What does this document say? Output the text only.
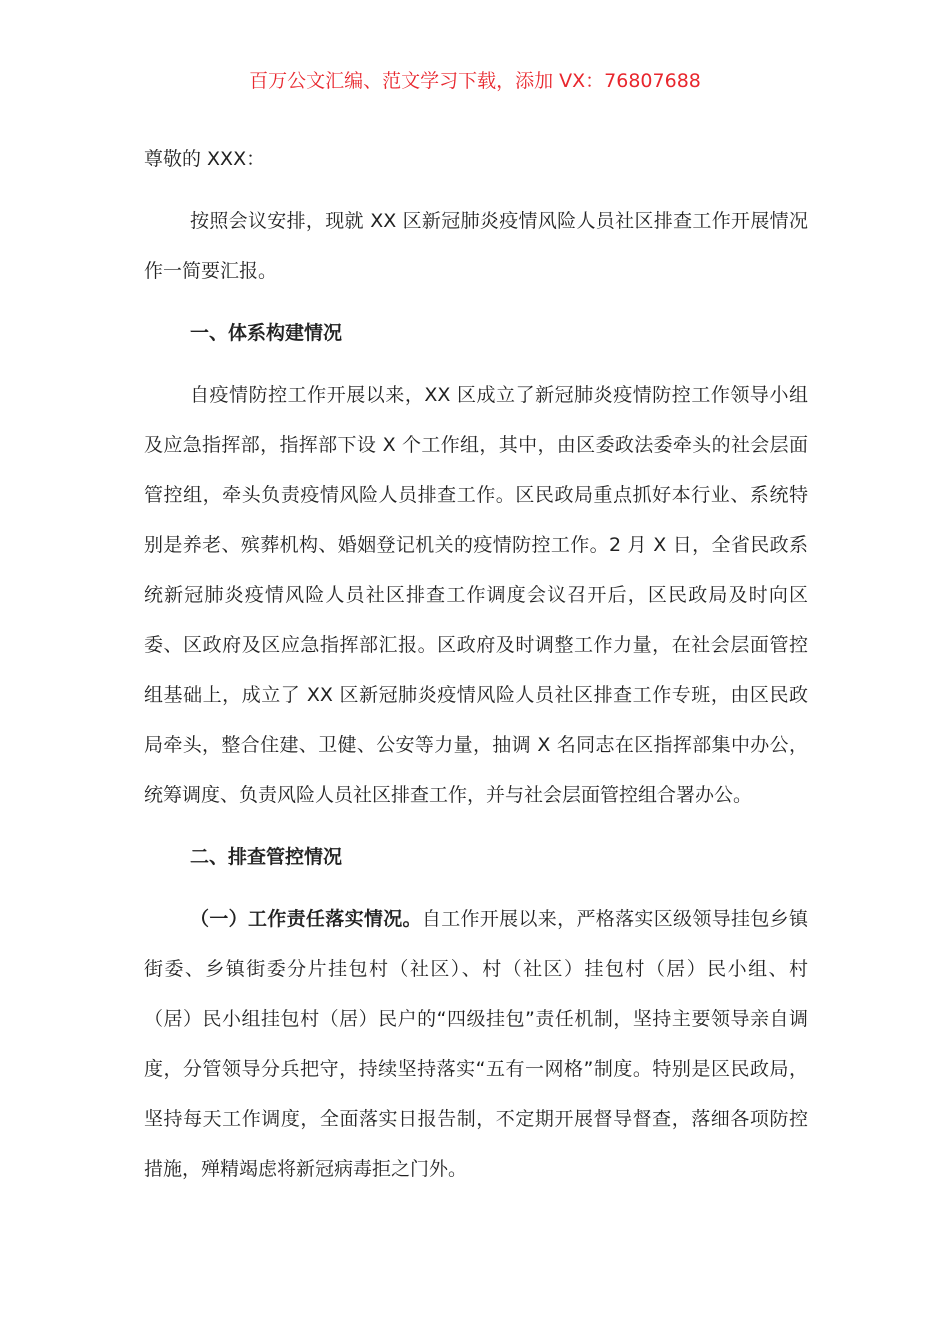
百万公文汇编、范文学习下载，添加 VX：76807688

尊敬的 XXX：

按照会议安排，现就 XX 区新冠肺炎疫情风险人员社区排查工作开展情况作一简要汇报。

一、体系构建情况

自疫情防控工作开展以来，XX 区成立了新冠肺炎疫情防控工作领导小组及应急指挥部，指挥部下设 X 个工作组，其中，由区委政法委牵头的社会层面管控组，牵头负责疫情风险人员排查工作。区民政局重点抓好本行业、系统特别是养老、殡葬机构、婚姻登记机关的疫情防控工作。2 月 X 日，全省民政系统新冠肺炎疫情风险人员社区排查工作调度会议召开后，区民政局及时向区委、区政府及区应急指挥部汇报。区政府及时调整工作力量，在社会层面管控组基础上，成立了 XX 区新冠肺炎疫情风险人员社区排查工作专班，由区民政局牵头，整合住建、卫健、公安等力量，抽调 X 名同志在区指挥部集中办公，统筹调度、负责风险人员社区排查工作，并与社会层面管控组合署办公。

二、排查管控情况

（一）工作责任落实情况。自工作开展以来，严格落实区级领导挂包乡镇街委、乡镇街委分片挂包村（社区）、村（社区）挂包村（居）民小组、村（居）民小组挂包村（居）民户的“四级挂包”责任机制，坚持主要领导亲自调度，分管领导分兵把守，持续坚持落实“五有一网格”制度。特别是区民政局，坚持每天工作调度，全面落实日报告制，不定期开展督导督查，落细各项防控措施，殚精竭虑将新冠病毒拒之门外。
